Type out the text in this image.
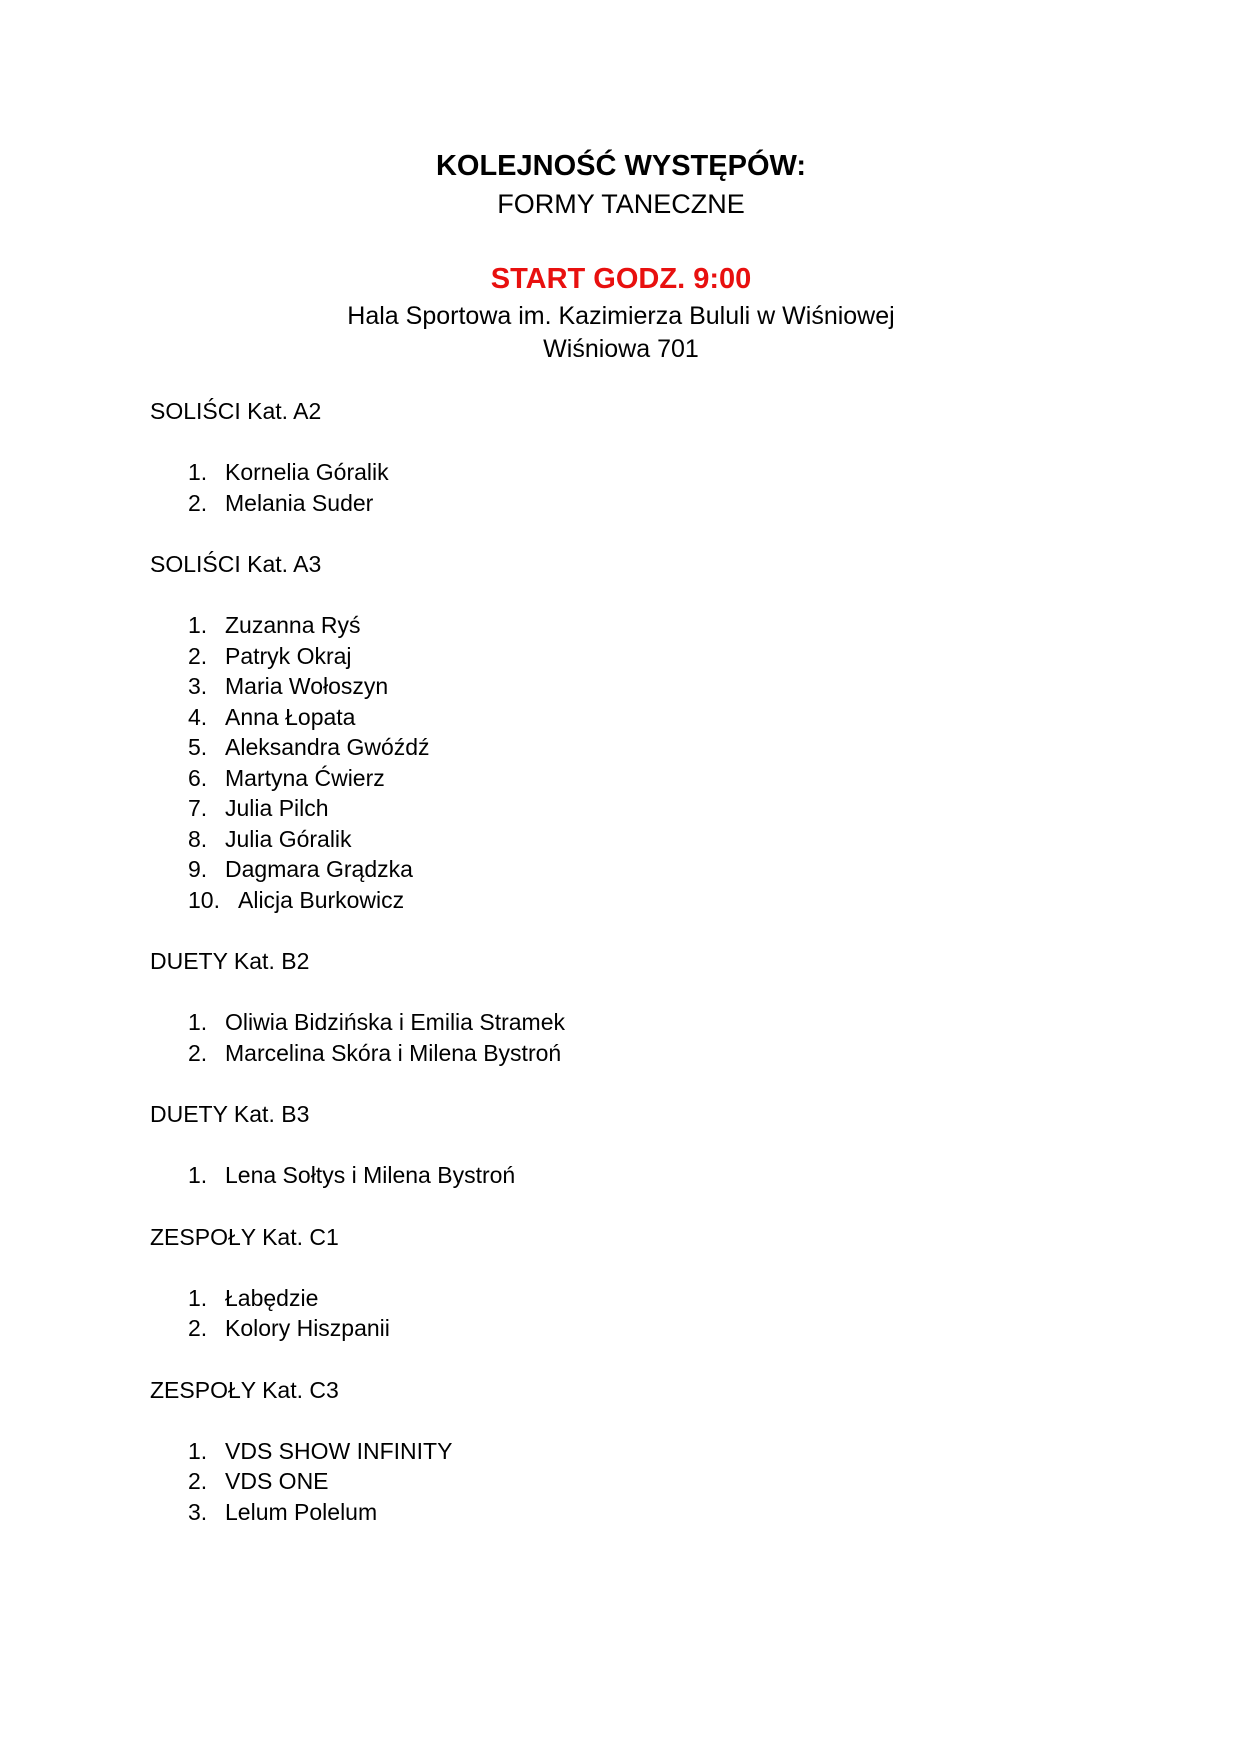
KOLEJNOŚĆ WYSTĘPÓW:
FORMY TANECZNE
START GODZ. 9:00
Hala Sportowa im. Kazimierza Bululi w Wiśniowej
Wiśniowa 701
SOLIŚCI Kat. A2
1. Kornelia Góralik
2. Melania Suder
SOLIŚCI Kat. A3
1. Zuzanna Ryś
2. Patryk Okraj
3. Maria Wołoszyn
4. Anna Łopata
5. Aleksandra Gwóźdź
6. Martyna Ćwierz
7. Julia Pilch
8. Julia Góralik
9. Dagmara Grądzka
10. Alicja Burkowicz
DUETY Kat. B2
1. Oliwia Bidzińska i Emilia Stramek
2. Marcelina Skóra i Milena Bystroń
DUETY Kat. B3
1. Lena Sołtys i Milena Bystroń
ZESPOŁY Kat. C1
1. Łabędzie
2. Kolory Hiszpanii
ZESPOŁY Kat. C3
1. VDS SHOW INFINITY
2. VDS ONE
3. Lelum Polelum
